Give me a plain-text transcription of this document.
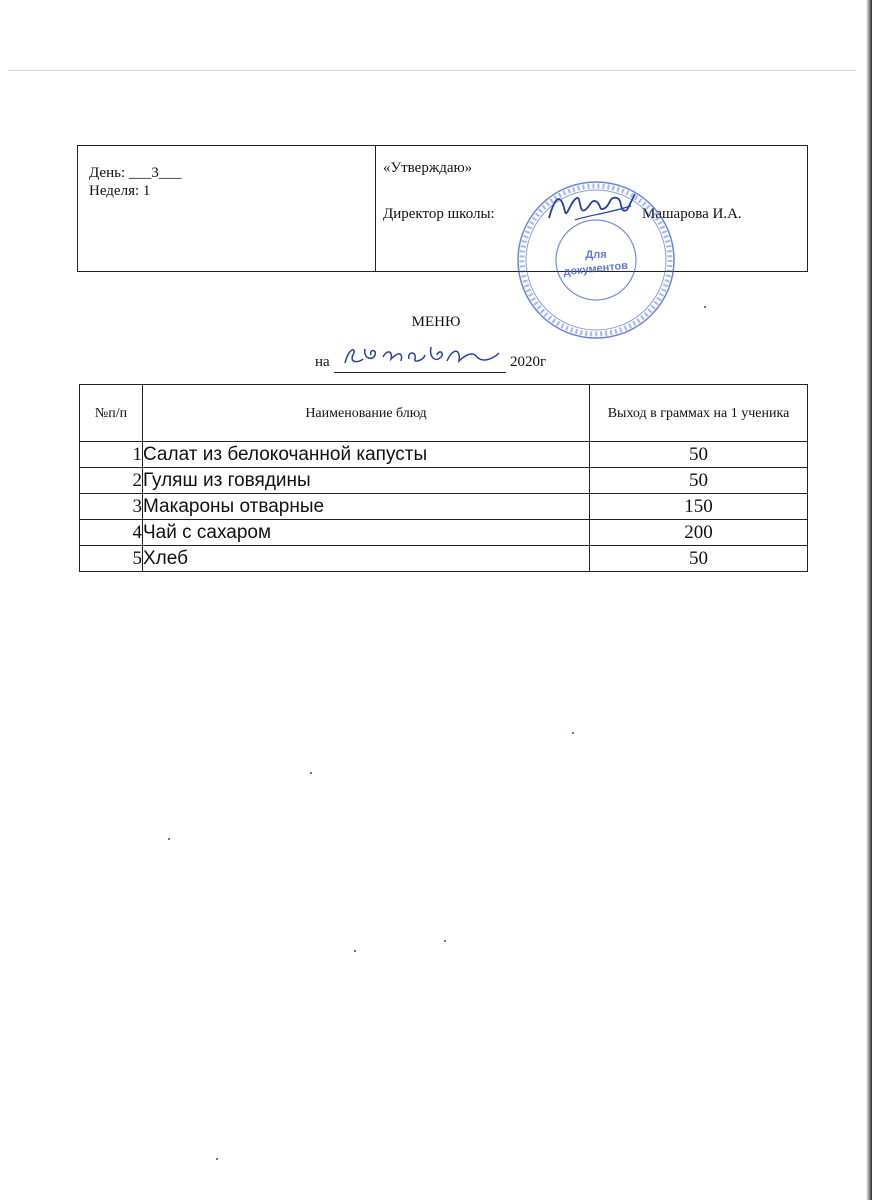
День: ___3___
Неделя: 1
«Утверждаю»
Директор школы:	Машарова И.А.
Для
документов
МЕНЮ
на	2020г
№п/п	Наименование блюд	Выход в граммах на 1 ученика
1	Салат из белокочанной капусты	50
2	Гуляш из говядины	50
3	Макароны отварные	150
4	Чай с сахаром	200
5	Хлеб	50
